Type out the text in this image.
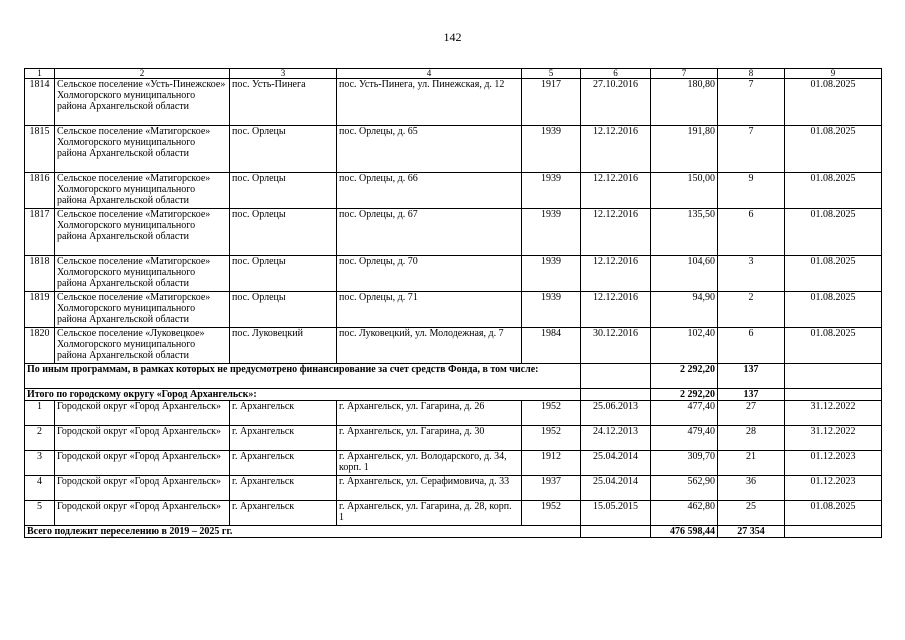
142
1	2	3	4	5	6	7	8	9
1814	Сельское поселение «Усть-Пинежское» Холмогорского муниципального района Архангельской области	пос. Усть-Пинега	пос. Усть-Пинега, ул. Пинежская, д. 12	1917	27.10.2016	180,80	7	01.08.2025
1815	Сельское поселение «Матигорское» Холмогорского муниципального района Архангельской области	пос. Орлецы	пос. Орлецы, д. 65	1939	12.12.2016	191,80	7	01.08.2025
1816	Сельское поселение «Матигорское» Холмогорского муниципального района Архангельской области	пос. Орлецы	пос. Орлецы, д. 66	1939	12.12.2016	150,00	9	01.08.2025
1817	Сельское поселение «Матигорское» Холмогорского муниципального района Архангельской области	пос. Орлецы	пос. Орлецы, д. 67	1939	12.12.2016	135,50	6	01.08.2025
1818	Сельское поселение «Матигорское» Холмогорского муниципального района Архангельской области	пос. Орлецы	пос. Орлецы, д. 70	1939	12.12.2016	104,60	3	01.08.2025
1819	Сельское поселение «Матигорское» Холмогорского муниципального района Архангельской области	пос. Орлецы	пос. Орлецы, д. 71	1939	12.12.2016	94,90	2	01.08.2025
1820	Сельское поселение «Луковецкое» Холмогорского муниципального района Архангельской области	пос. Луковецкий	пос. Луковецкий, ул. Молодежная, д. 7	1984	30.12.2016	102,40	6	01.08.2025
По иным программам, в рамках которых не предусмотрено финансирование за счет средств Фонда, в том числе:						2 292,20	137	
Итого по городскому округу «Город Архангельск»:						2 292,20	137	
1	Городской округ «Город Архангельск»	г. Архангельск	г. Архангельск, ул. Гагарина, д. 26	1952	25.06.2013	477,40	27	31.12.2022
2	Городской округ «Город Архангельск»	г. Архангельск	г. Архангельск, ул. Гагарина, д. 30	1952	24.12.2013	479,40	28	31.12.2022
3	Городской округ «Город Архангельск»	г. Архангельск	г. Архангельск, ул. Володарского, д. 34, корп. 1	1912	25.04.2014	309,70	21	01.12.2023
4	Городской округ «Город Архангельск»	г. Архангельск	г. Архангельск, ул. Серафимовича, д. 33	1937	25.04.2014	562,90	36	01.12.2023
5	Городской округ «Город Архангельск»	г. Архангельск	г. Архангельск, ул. Гагарина, д. 28, корп. 1	1952	15.05.2015	462,80	25	01.08.2025
Всего подлежит переселению в 2019 – 2025 гг.						476 598,44	27 354	
